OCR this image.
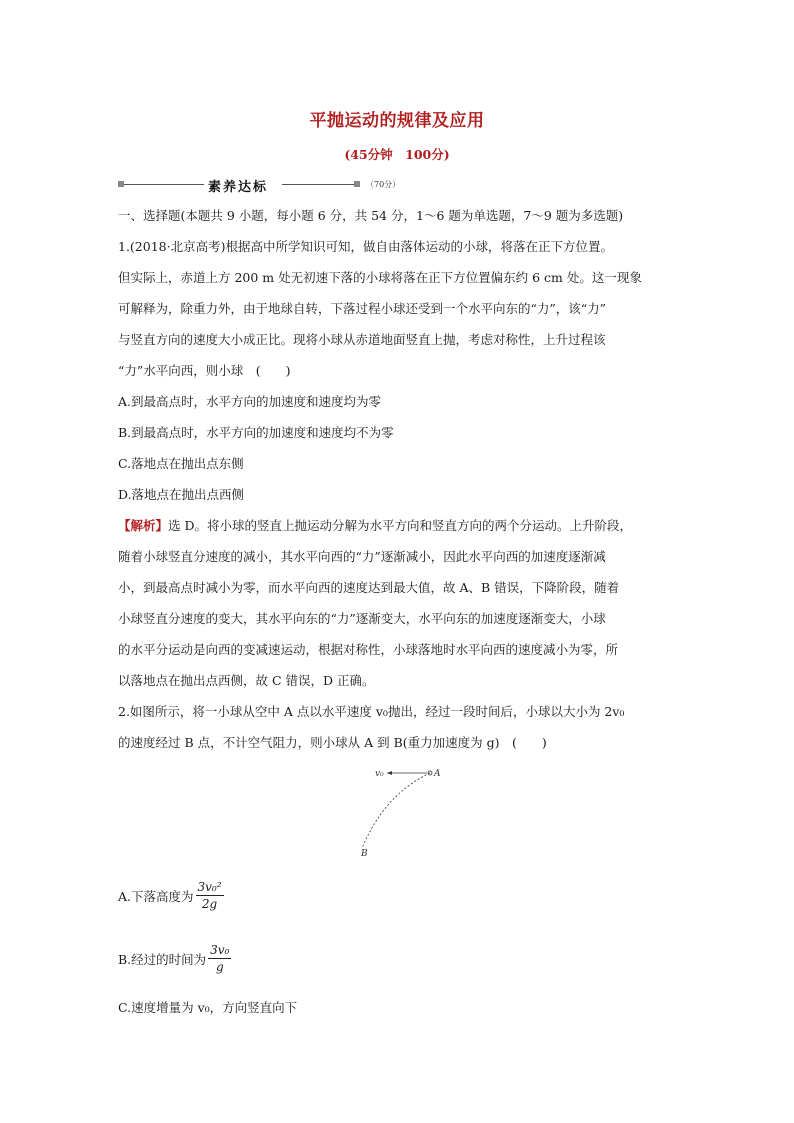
平抛运动的规律及应用
(45分钟　100分)
素养达标	（70分）

一、选择题(本题共 9 小题，每小题 6 分，共 54 分，1～6 题为单选题，7～9 题为多选题)

1.(2018·北京高考)根据高中所学知识可知，做自由落体运动的小球，将落在正下方位置。

但实际上，赤道上方 200 m 处无初速下落的小球将落在正下方位置偏东约 6 cm 处。这一现象

可解释为，除重力外，由于地球自转，下落过程小球还受到一个水平向东的“力”，该“力”

与竖直方向的速度大小成正比。现将小球从赤道地面竖直上抛，考虑对称性，上升过程该

“力”水平向西，则小球　(　　)

A.到最高点时，水平方向的加速度和速度均为零

B.到最高点时，水平方向的加速度和速度均不为零

C.落地点在抛出点东侧

D.落地点在抛出点西侧

【解析】选 D。将小球的竖直上抛运动分解为水平方向和竖直方向的两个分运动。上升阶段，

随着小球竖直分速度的减小，其水平向西的“力”逐渐减小，因此水平向西的加速度逐渐减

小，到最高点时减小为零，而水平向西的速度达到最大值，故 A、B 错误，下降阶段，随着

小球竖直分速度的变大，其水平向东的“力”逐渐变大，水平向东的加速度逐渐变大，小球

的水平分运动是向西的变减速运动，根据对称性，小球落地时水平向西的速度减小为零，所

以落地点在抛出点西侧，故 C 错误，D 正确。

2.如图所示，将一小球从空中 A 点以水平速度 v₀抛出，经过一段时间后，小球以大小为 2v₀

的速度经过 B 点，不计空气阻力，则小球从 A 到 B(重力加速度为 g)　(　　)

v₀	A
B
A.下落高度为 $\frac{\text{3v₀²}}{2g}$
B.经过的时间为 $\frac{\text{3v₀}}{g}$

C.速度增量为 v₀，方向竖直向下
